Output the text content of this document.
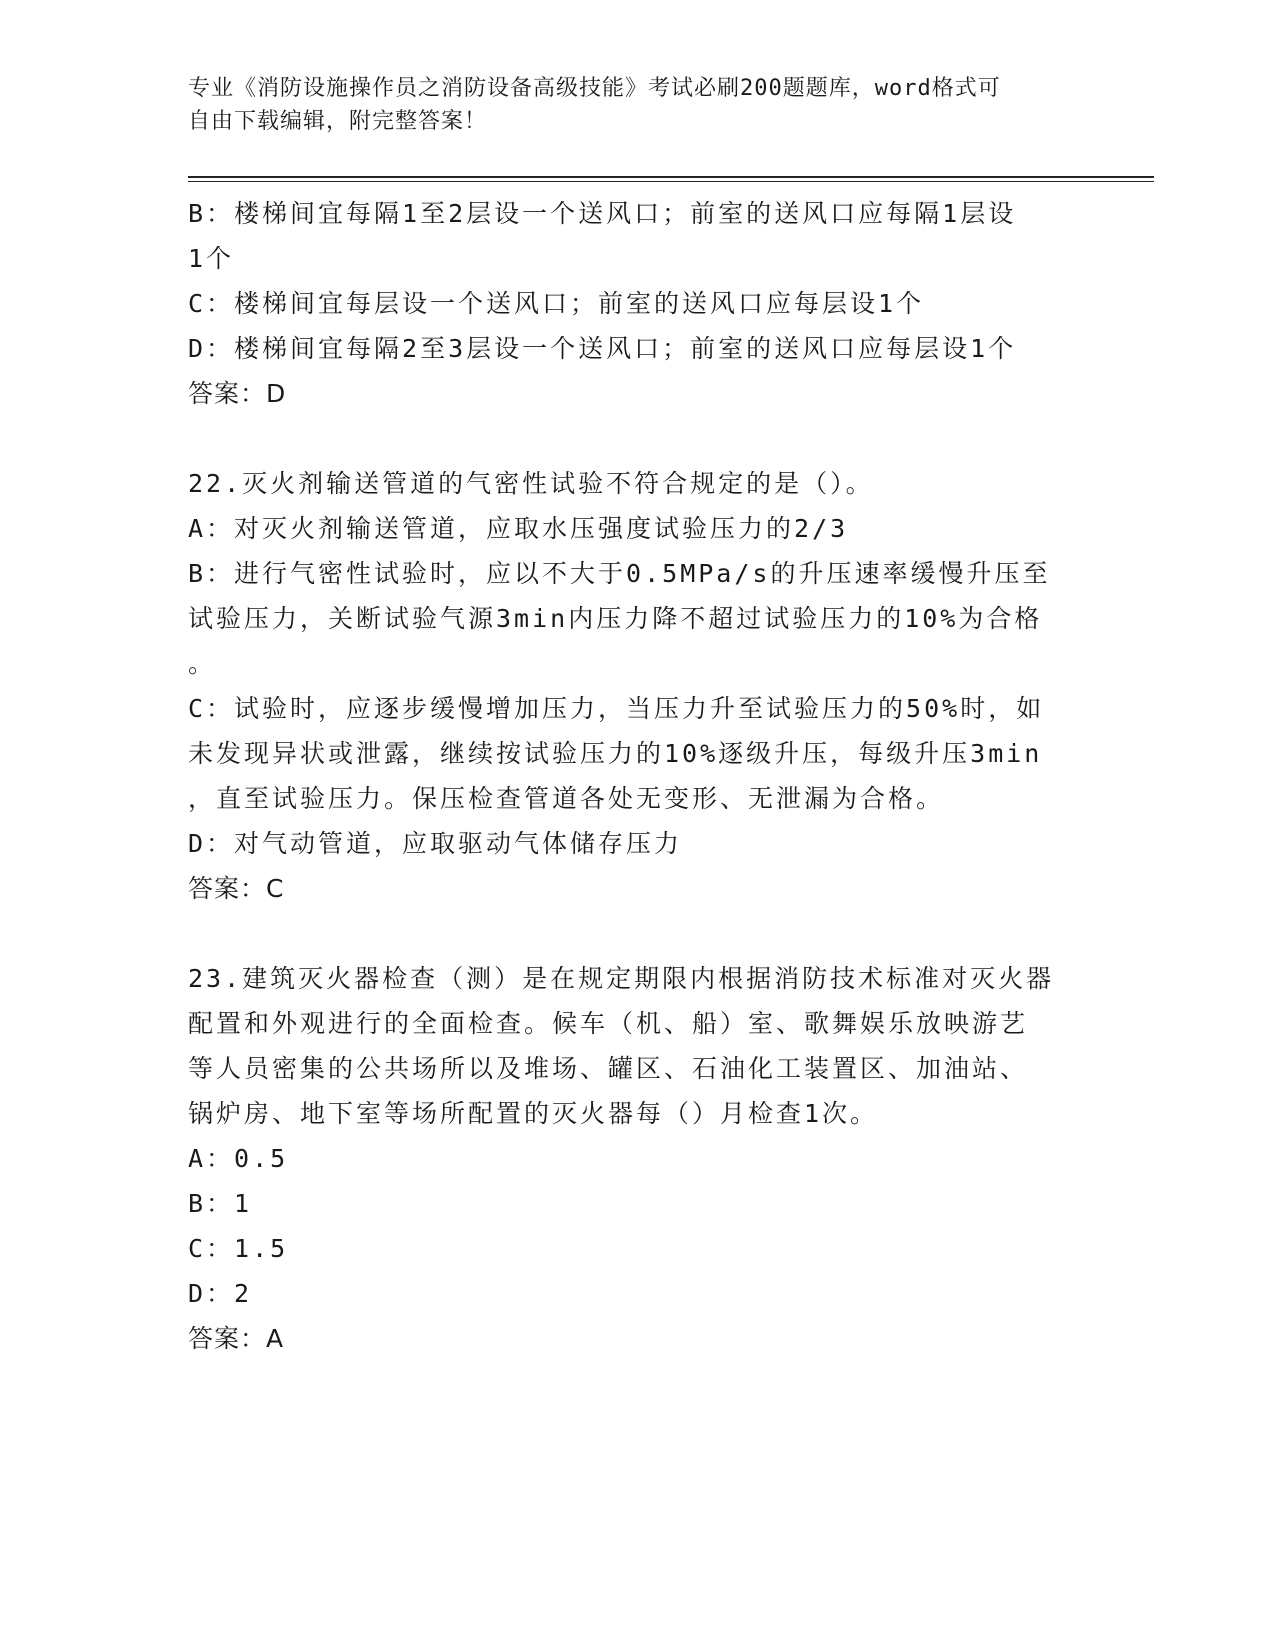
专业《消防设施操作员之消防设备高级技能》考试必刷200题题库，word格式可
自由下载编辑，附完整答案！

B：楼梯间宜每隔1至2层设一个送风口；前室的送风口应每隔1层设

1个

C：楼梯间宜每层设一个送风口；前室的送风口应每层设1个

D：楼梯间宜每隔2至3层设一个送风口；前室的送风口应每层设1个

答案：D

22.灭火剂输送管道的气密性试验不符合规定的是（）。

A：对灭火剂输送管道，应取水压强度试验压力的2/3

B：进行气密性试验时，应以不大于0.5MPa/s的升压速率缓慢升压至

试验压力，关断试验气源3min内压力降不超过试验压力的10%为合格

。

C：试验时，应逐步缓慢增加压力，当压力升至试验压力的50%时，如

未发现异状或泄露，继续按试验压力的10%逐级升压，每级升压3min

，直至试验压力。保压检查管道各处无变形、无泄漏为合格。

D：对气动管道，应取驱动气体储存压力

答案：C

23.建筑灭火器检查（测）是在规定期限内根据消防技术标准对灭火器

配置和外观进行的全面检查。候车（机、船）室、歌舞娱乐放映游艺

等人员密集的公共场所以及堆场、罐区、石油化工装置区、加油站、

锅炉房、地下室等场所配置的灭火器每（）月检查1次。

A：0.5

B：1

C：1.5

D：2

答案：A
